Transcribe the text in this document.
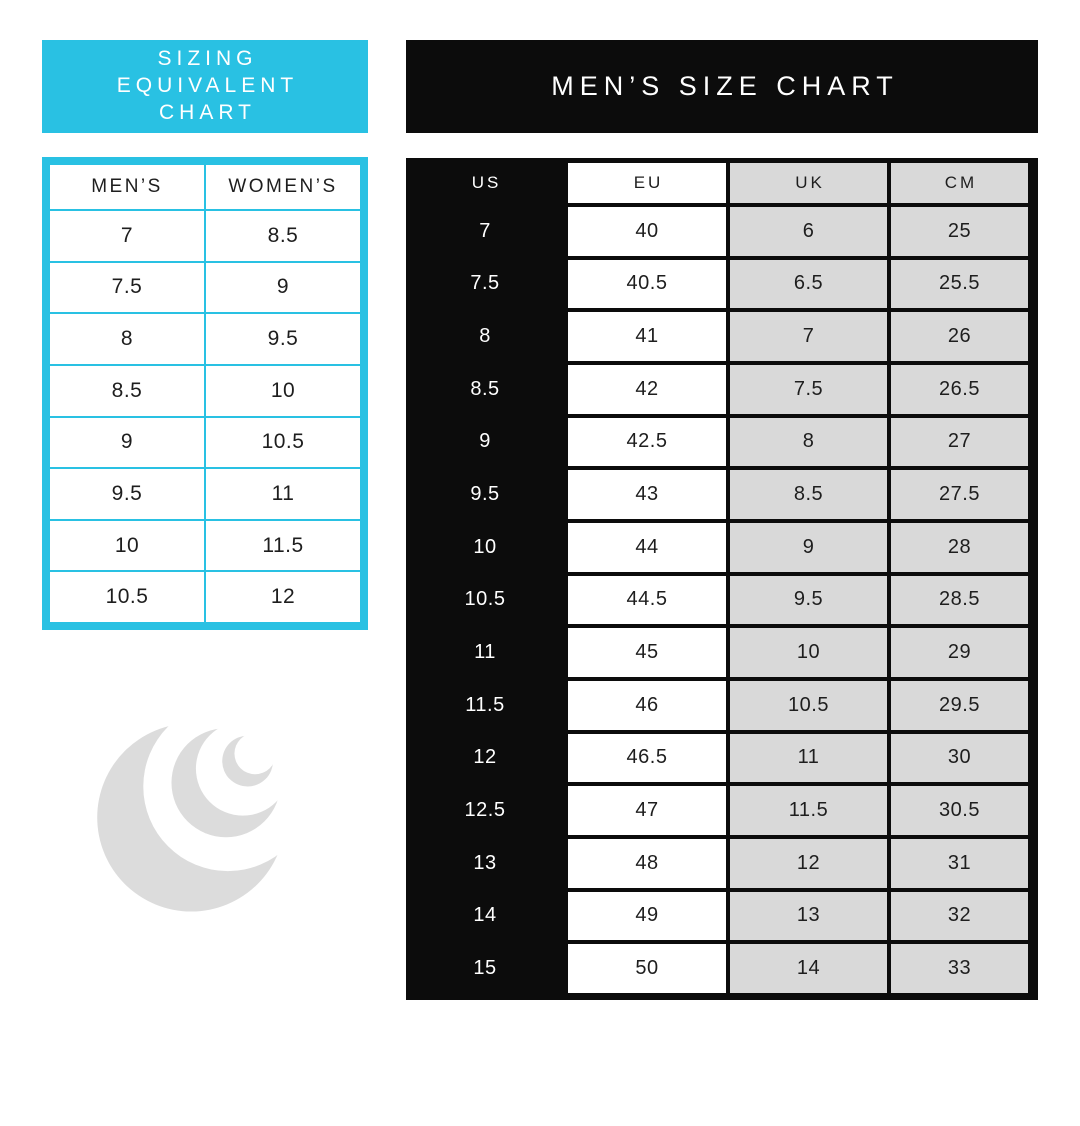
SIZING
EQUIVALENT
CHART
MEN’S SIZE CHART
MEN’S	WOMEN’S
7	8.5
7.5	9
8	9.5
8.5	10
9	10.5
9.5	11
10	11.5
10.5	12
US	EU	UK	CM
7	40	6	25
7.5	40.5	6.5	25.5
8	41	7	26
8.5	42	7.5	26.5
9	42.5	8	27
9.5	43	8.5	27.5
10	44	9	28
10.5	44.5	9.5	28.5
11	45	10	29
11.5	46	10.5	29.5
12	46.5	11	30
12.5	47	11.5	30.5
13	48	12	31
14	49	13	32
15	50	14	33
